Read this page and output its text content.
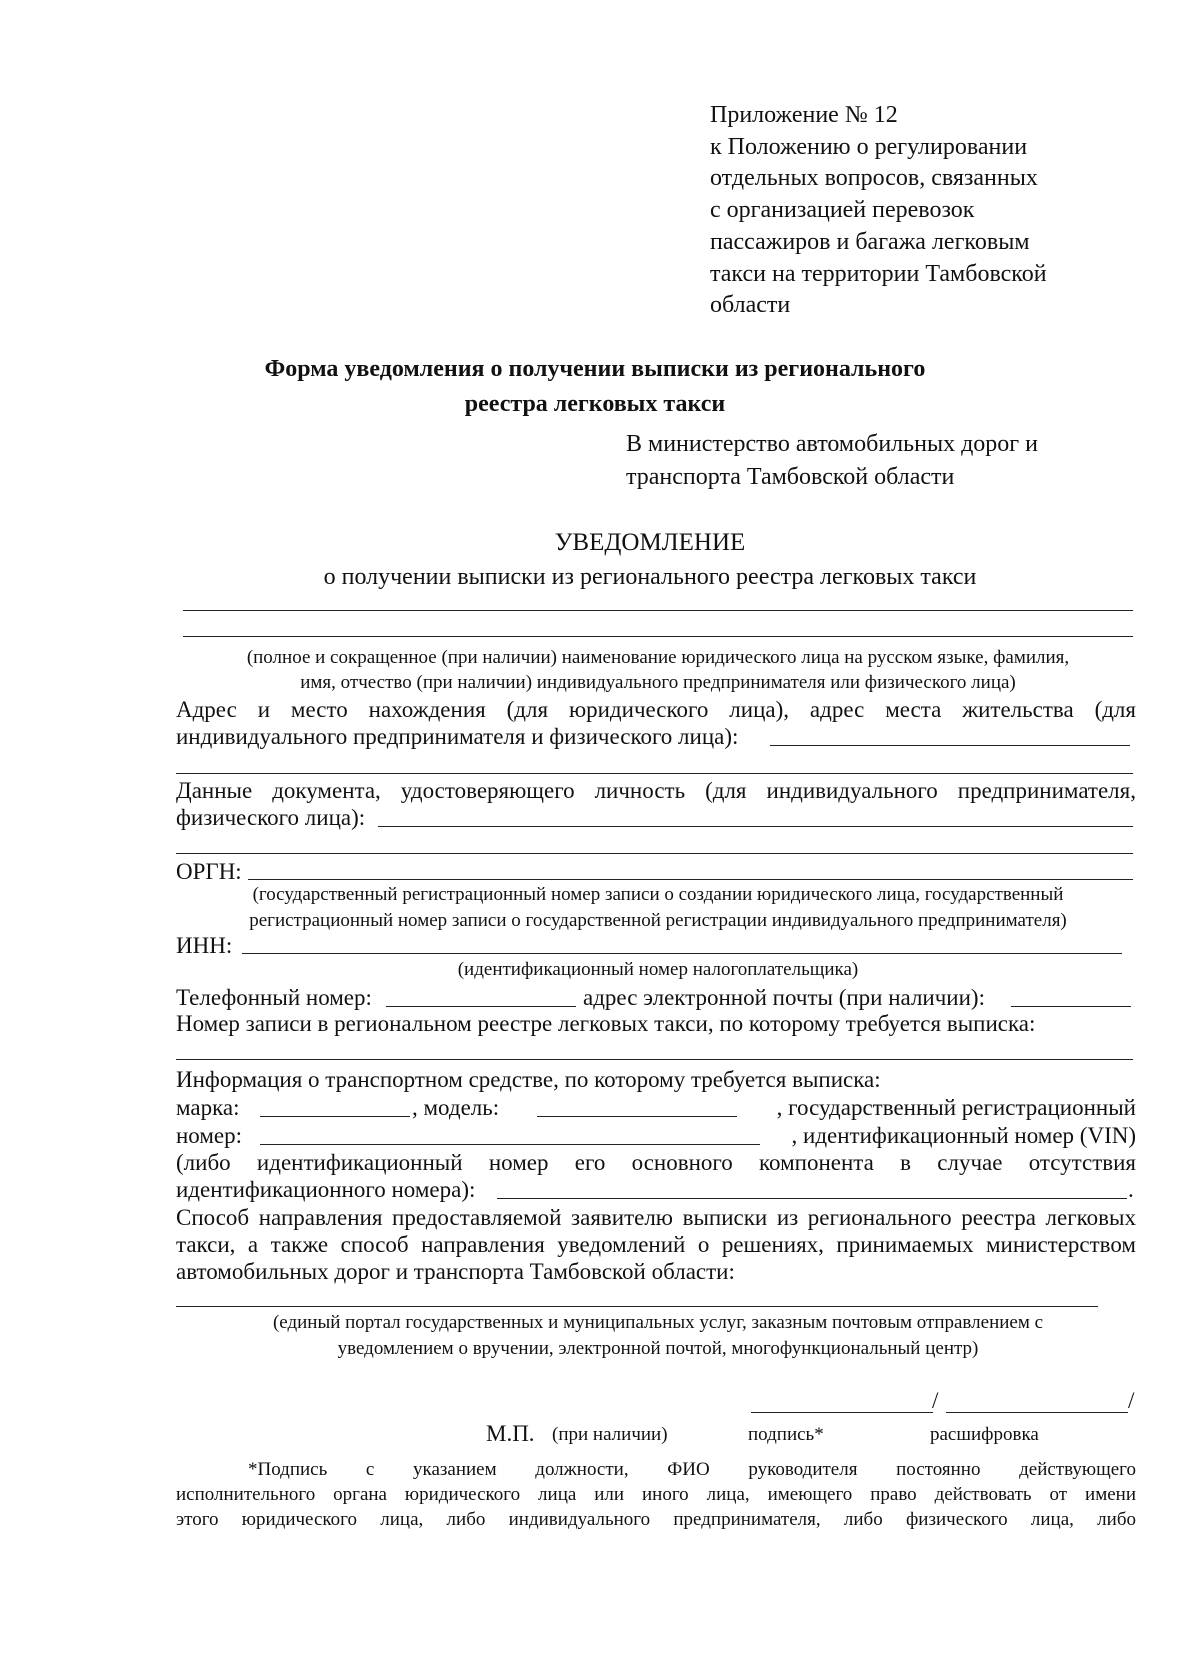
Приложение № 12
к Положению о регулировании
отдельных вопросов, связанных
с организацией перевозок
пассажиров и багажа легковым
такси на территории Тамбовской
области
Форма уведомления о получении выписки из регионального
реестра легковых такси
В министерство автомобильных дорог и
транспорта Тамбовской области
УВЕДОМЛЕНИЕ
о получении выписки из регионального реестра легковых такси
(полное и сокращенное (при наличии) наименование юридического лица на русском языке, фамилия,
имя, отчество (при наличии) индивидуального предпринимателя или физического лица)
Адрес и место нахождения (для юридического лица), адрес места жительства (для
индивидуального предпринимателя и физического лица):
Данные документа, удостоверяющего личность (для индивидуального предпринимателя,
физического лица):
ОРГН:
(государственный регистрационный номер записи о создании юридического лица, государственный
регистрационный номер записи о государственной регистрации индивидуального предпринимателя)
ИНН:
(идентификационный номер налогоплательщика)
Телефонный номер:	адрес электронной почты (при наличии):
Номер записи в региональном реестре легковых такси, по которому требуется выписка:
Информация о транспортном средстве, по которому требуется выписка:
марка:	, модель:	, государственный регистрационный
номер:	, идентификационный номер (VIN)
(либо идентификационный номер его основного компонента в случае отсутствия
идентификационного номера):	.
Способ направления предоставляемой заявителю выписки из регионального реестра легковых
такси, а также способ направления уведомлений о решениях, принимаемых министерством
автомобильных дорог и транспорта Тамбовской области:
(единый портал государственных и муниципальных услуг, заказным почтовым отправлением с
уведомлением о вручении, электронной почтой, многофункциональный центр)
/	/
М.П. (при наличии)	подпись*	расшифровка
*Подпись с указанием должности, ФИО руководителя постоянно действующего
исполнительного органа юридического лица или иного лица, имеющего право действовать от имени
этого юридического лица, либо индивидуального предпринимателя, либо физического лица, либо
